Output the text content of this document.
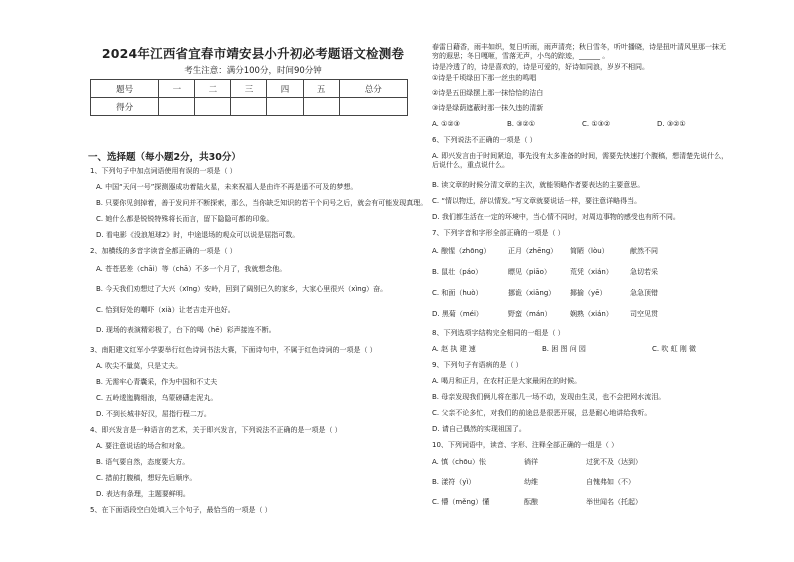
2024年江西省宜春市靖安县小升初必考题语文检测卷
考生注意：满分100分，时间90分钟
题号	一	二	三	四	五	总分
得分						
一、选择题（每小题2分，共30分）
1、下列句子中加点词语使用有误的一项是（ ）
A. 中国“天问一号”探测器成功着陆火星，未来祝福人是由许不再是遥不可及的梦想。
B. 只要你见剑掉着，善于发问并不断探索，那么，当你缺乏知识的若干个问号之后，就会有可能发现真理。
C. 她什么都是锐锐特殊将长而言，留下隐隐可都的印象。
D. 看电影《没浪旭球2》时，中途退场的观众可以说是屈指可数。
2、加横线的多音字读音全都正确的一项是（ ）
A. 苍苍恶差（chāi）等（chā）不多一个月了，我就想念他。
B. 今天我们劝想过了大兴（xīng）安岭，回到了阔别已久的家乡，大家心里很兴（xìng）奋。
C. 恰到好处的嘲吓（xià）让老吉走开也好。
D. 现场的表演精彩极了，台下的喝（hē）彩声接连不断。
3、南阳建文红军小学要举行红色诗词书法大赛，下面诗句中，不属于红色诗词的一项是（ ）
A. 吹尖不量莫，只是丈夫。
B. 无需牢心青囊采，作为中国和不丈夫
C. 五岭逶迤腾细浪，乌蒙磅礴走泥丸。
D. 不到长城非好汉，屈指行程二万。
4、即兴发言是一种语言的艺术，关于即兴发言，下列说法不正确的是一项是（ ）
A. 要注意说话的场合和对象。
B. 语气要自然，态度要大方。
C. 措前打腹稿，想好先后顺序。
D. 表达有条理，主题要鲜明。
5、在下面语段空白处填入三个句子，最恰当的一项是（ ）
春雷日藉香，雨丰如织，复日听雨，雨声清亮；秋日雪冬，听叶播晓，诗是扭叶清风里那一抹无穷的遐思；冬日嘎咂，雪落无声，小鸟的踪迹，______ 。
诗是冷透了的，诗是喜欢的，诗是可爱的，好诗如同浪，岁岁不相同。
①诗是千顷绿田下那一丝虫的鸣唱
②诗是五田绿摆上那一抹恰恰的洁白
③诗是绿荫遮蔽时那一抹久违的清新
A. ①②③	B. ③②①	C. ①③②	D. ③②①
6、下列说法不正确的一项是（ ）
A. 即兴发言由于时间紧迫，事先没有太多准备的时间，需要先快速打个腹稿，想清楚先说什么，后说什么，重点说什么。
B. 读文章的时候分清文章的主次，就能领略作者要表达的主要意思。
C. “情以物迁，辞以情发。”写文章就要说话一样，要注意详略得当。
D. 我们都生活在一定的环境中，当心情不同时，对周边事物的感受也有所不同。
7、下列字音和字形全部正确的一项是（ ）
A. 酿惺（zhōng）	正月（zhēng） 简陋（lòu）	献然不同
B. 鼠壮（páo）	瞟见（piāo）	荒凭（xián） 急切若采
C. 和面（huò）	挪诡（xiāng） 揶揄（yē）	急急顶错
D. 黑菊（méi）	野蛮（mán）	娴熟（xián） 司空见贯
8、下列选项字结构完全相同的一组是（ ）
A. 赵 执 建 速	B. 困 图 问 园	C. 吹 虹 刚 微
9、下列句子有语病的是（ ）
A. 喝月和正月，在农村正是大家最闲在的时候。
B. 母亲发现我们俩儿将在那几一场不动，发现由生灵，也不会把网水流泪。
C. 父亲不论多忙，对我们的前途总是很恶开展，总是耐心地讲给我听。
D. 请自己偶然的实现祖国了。
10、下列词语中，读音、字形、注释全部正确的一组是（ ）
A. 慎（chōu）怅	徜徉	过犹不及（达到）
B. 漾符（yì）	幼维	自愧弗如（不）
C. 懵（měng）懂	酝酿	举世闻名（托起）
